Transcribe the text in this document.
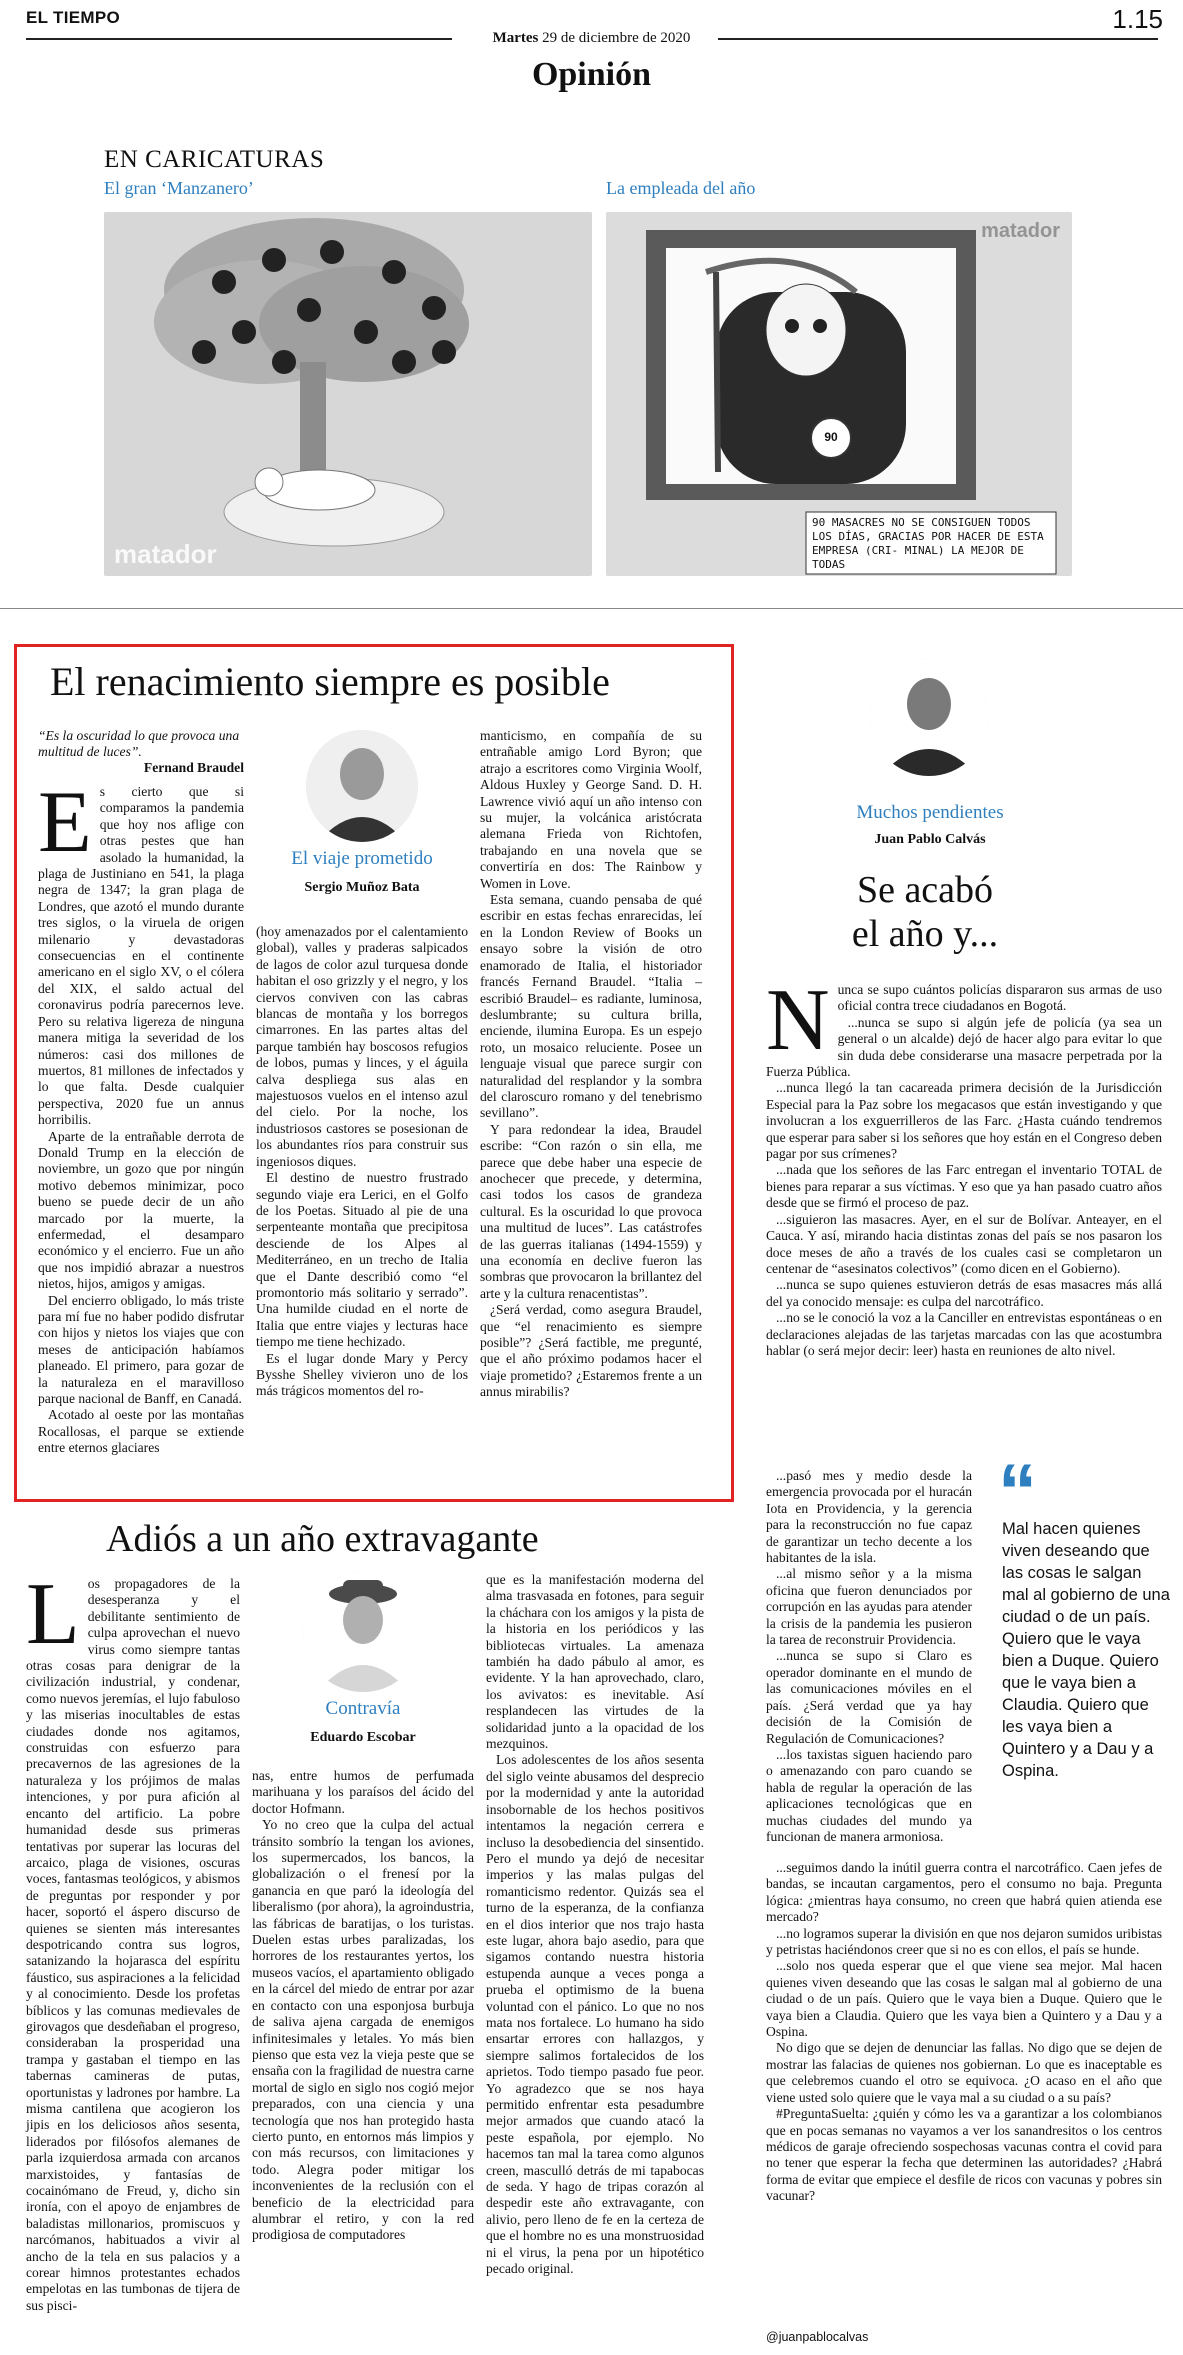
EL TIEMPO
Martes 29 de diciembre de 2020
Opinión
1.15
EN CARICATURAS
El gran ‘Manzanero’
matador
La empleada del año
90
90 MASACRES NO SE CONSIGUEN TODOS LOS DÍAS, GRACIAS POR HACER DE ESTA EMPRESA (CRI- MINAL) LA MEJOR DE TODAS
matador
El renacimiento siempre es posible
“Es la oscuridad lo que provoca una multitud de luces”.
Fernand Braudel
E s cierto que si comparamos la pandemia que hoy nos aflige con otras pestes que han asolado la humanidad, la plaga de Justiniano en 541, la plaga negra de 1347; la gran plaga de Londres, que azotó el mundo durante tres siglos, o la viruela de origen milenario y devastadoras consecuencias en el continente americano en el siglo XV, o el cólera del XIX, el saldo actual del coronavirus podría parecernos leve. Pero su relativa ligereza de ninguna manera mitiga la severidad de los números: casi dos millones de muertos, 81 millones de infectados y lo que falta. Desde cualquier perspectiva, 2020 fue un annus horribilis.

Aparte de la entrañable derrota de Donald Trump en la elección de noviembre, un gozo que por ningún motivo debemos minimizar, poco bueno se puede decir de un año marcado por la muerte, la enfermedad, el desamparo económico y el encierro. Fue un año que nos impidió abrazar a nuestros nietos, hijos, amigos y amigas.

Del encierro obligado, lo más triste para mí fue no haber podido disfrutar con hijos y nietos los viajes que con meses de anticipación habíamos planeado. El primero, para gozar de la naturaleza en el maravilloso parque nacional de Banff, en Canadá.

Acotado al oeste por las montañas Rocallosas, el parque se extiende entre eternos glaciares

El viaje prometido
Sergio Muñoz Bata

(hoy amenazados por el calentamiento global), valles y praderas salpicados de lagos de color azul turquesa donde habitan el oso grizzly y el negro, y los ciervos conviven con las cabras blancas de montaña y los borregos cimarrones. En las partes altas del parque también hay boscosos refugios de lobos, pumas y linces, y el águila calva despliega sus alas en majestuosos vuelos en el intenso azul del cielo. Por la noche, los industriosos castores se posesionan de los abundantes ríos para construir sus ingeniosos diques.

El destino de nuestro frustrado segundo viaje era Lerici, en el Golfo de los Poetas. Situado al pie de una serpenteante montaña que precipitosa desciende de los Alpes al Mediterráneo, en un trecho de Italia que el Dante describió como “el promontorio más solitario y serrado”. Una humilde ciudad en el norte de Italia que entre viajes y lecturas hace tiempo me tiene hechizado.

Es el lugar donde Mary y Percy Bysshe Shelley vivieron uno de los más trágicos momentos del ro-

manticismo, en compañía de su entrañable amigo Lord Byron; que atrajo a escritores como Virginia Woolf, Aldous Huxley y George Sand. D. H. Lawrence vivió aquí un año intenso con su mujer, la volcánica aristócrata alemana Frieda von Richtofen, trabajando en una novela que se convertiría en dos: The Rainbow y Women in Love.

Esta semana, cuando pensaba de qué escribir en estas fechas enrarecidas, leí en la London Review of Books un ensayo sobre la visión de otro enamorado de Italia, el historiador francés Fernand Braudel. “Italia –escribió Braudel– es radiante, luminosa, deslumbrante; su cultura brilla, enciende, ilumina Europa. Es un espejo roto, un mosaico reluciente. Posee un lenguaje visual que parece surgir con naturalidad del resplandor y la sombra del claroscuro romano y del tenebrismo sevillano”.

Y para redondear la idea, Braudel escribe: “Con razón o sin ella, me parece que debe haber una especie de anochecer que precede, y determina, casi todos los casos de grandeza cultural. Es la oscuridad lo que provoca una multitud de luces”. Las catástrofes de las guerras italianas (1494-1559) y una economía en declive fueron las sombras que provocaron la brillantez del arte y la cultura renacentistas”.

¿Será verdad, como asegura Braudel, que “el renacimiento es siempre posible”? ¿Será factible, me pregunté, que el año próximo podamos hacer el viaje prometido? ¿Estaremos frente a un annus mirabilis?

Muchos pendientes
Juan Pablo Calvás
Se acabó
el año y...
N unca se supo cuántos policías dispararon sus armas de uso oficial contra trece ciudadanos en Bogotá.

...nunca se supo si algún jefe de policía (ya sea un general o un alcalde) dejó de hacer algo para evitar lo que sin duda debe considerarse una masacre perpetrada por la Fuerza Pública.

...nunca llegó la tan cacareada primera decisión de la Jurisdicción Especial para la Paz sobre los megacasos que están investigando y que involucran a los exguerrilleros de las Farc. ¿Hasta cuándo tendremos que esperar para saber si los señores que hoy están en el Congreso deben pagar por sus crímenes?

...nada que los señores de las Farc entregan el inventario TOTAL de bienes para reparar a sus víctimas. Y eso que ya han pasado cuatro años desde que se firmó el proceso de paz.

...siguieron las masacres. Ayer, en el sur de Bolívar. Anteayer, en el Cauca. Y así, mirando hacia distintas zonas del país se nos pasaron los doce meses de año a través de los cuales casi se completaron un centenar de “asesinatos colectivos” (como dicen en el Gobierno).

...nunca se supo quienes estuvieron detrás de esas masacres más allá del ya conocido mensaje: es culpa del narcotráfico.

...no se le conoció la voz a la Canciller en entrevistas espontáneas o en declaraciones alejadas de las tarjetas marcadas con las que acostumbra hablar (o será mejor decir: leer) hasta en reuniones de alto nivel.

...pasó mes y medio desde la emergencia provocada por el huracán Iota en Providencia, y la gerencia para la reconstrucción no fue capaz de garantizar un techo decente a los habitantes de la isla.

...al mismo señor y a la misma oficina que fueron denunciados por corrupción en las ayudas para atender la crisis de la pandemia les pusieron la tarea de reconstruir Providencia.

...nunca se supo si Claro es operador dominante en el mundo de las comunicaciones móviles en el país. ¿Será verdad que ya hay decisión de la Comisión de Regulación de Comunicaciones?

...los taxistas siguen haciendo paro o amenazando con paro cuando se habla de regular la operación de las aplicaciones tecnológicas que en muchas ciudades del mundo ya funcionan de manera armoniosa.

“
Mal hacen quienes viven deseando que las cosas le salgan mal al gobierno de una ciudad o de un país. Quiero que le vaya bien a Duque. Quiero que le vaya bien a Claudia. Quiero que les vaya bien a Quintero y a Dau y a Ospina.

...seguimos dando la inútil guerra contra el narcotráfico. Caen jefes de bandas, se incautan cargamentos, pero el consumo no baja. Pregunta lógica: ¿mientras haya consumo, no creen que habrá quien atienda ese mercado?

...no logramos superar la división en que nos dejaron sumidos uribistas y petristas haciéndonos creer que si no es con ellos, el país se hunde.

...solo nos queda esperar que el que viene sea mejor. Mal hacen quienes viven deseando que las cosas le salgan mal al gobierno de una ciudad o de un país. Quiero que le vaya bien a Duque. Quiero que le vaya bien a Claudia. Quiero que les vaya bien a Quintero y a Dau y a Ospina.

No digo que se dejen de denunciar las fallas. No digo que se dejen de mostrar las falacias de quienes nos gobiernan. Lo que es inaceptable es que celebremos cuando el otro se equivoca. ¿O acaso en el año que viene usted solo quiere que le vaya mal a su ciudad o a su país?

#PreguntaSuelta: ¿quién y cómo les va a garantizar a los colombianos que en pocas semanas no vayamos a ver los sanandresitos o los centros médicos de garaje ofreciendo sospechosas vacunas contra el covid para no tener que esperar la fecha que determinen las autoridades? ¿Habrá forma de evitar que empiece el desfile de ricos con vacunas y pobres sin vacunar?

@juanpablocalvas
Adiós a un año extravagante
L os propagadores de la desesperanza y el debilitante sentimiento de culpa aprovechan el nuevo virus como siempre tantas otras cosas para denigrar de la civilización industrial, y condenar, como nuevos jeremías, el lujo fabuloso y las miserias inocultables de estas ciudades donde nos agitamos, construidas con esfuerzo para precavernos de las agresiones de la naturaleza y los prójimos de malas intenciones, y por pura afición al encanto del artificio. La pobre humanidad desde sus primeras tentativas por superar las locuras del arcaico, plaga de visiones, oscuras voces, fantasmas teológicos, y abismos de preguntas por responder y por hacer, soportó el áspero discurso de quienes se sienten más interesantes despotricando contra sus logros, satanizando la hojarasca del espíritu fáustico, sus aspiraciones a la felicidad y al conocimiento. Desde los profetas bíblicos y las comunas medievales de girovagos que desdeñaban el progreso, consideraban la prosperidad una trampa y gastaban el tiempo en las tabernas camineras de putas, oportunistas y ladrones por hambre. La misma cantilena que acogieron los jipis en los deliciosos años sesenta, liderados por filósofos alemanes de parla izquierdosa armada con arcanos marxistoides, y fantasías de cocainómano de Freud, y, dicho sin ironía, con el apoyo de enjambres de baladistas millonarios, promiscuos y narcómanos, habituados a vivir al ancho de la tela en sus palacios y a corear himnos protestantes echados empelotas en las tumbonas de tijera de sus pisci-

Contravía
Eduardo Escobar

nas, entre humos de perfumada marihuana y los paraísos del ácido del doctor Hofmann.

Yo no creo que la culpa del actual tránsito sombrío la tengan los aviones, los supermercados, los bancos, la globalización o el frenesí por la ganancia en que paró la ideología del liberalismo (por ahora), la agroindustria, las fábricas de baratijas, o los turistas. Duelen estas urbes paralizadas, los horrores de los restaurantes yertos, los museos vacíos, el apartamiento obligado en la cárcel del miedo de entrar por azar en contacto con una esponjosa burbuja de saliva ajena cargada de enemigos infinitesimales y letales. Yo más bien pienso que esta vez la vieja peste que se ensaña con la fragilidad de nuestra carne mortal de siglo en siglo nos cogió mejor preparados, con una ciencia y una tecnología que nos han protegido hasta cierto punto, en entornos más limpios y con más recursos, con limitaciones y todo. Alegra poder mitigar los inconvenientes de la reclusión con el beneficio de la electricidad para alumbrar el retiro, y con la red prodigiosa de computadores

que es la manifestación moderna del alma trasvasada en fotones, para seguir la cháchara con los amigos y la pista de la historia en los periódicos y las bibliotecas virtuales. La amenaza también ha dado pábulo al amor, es evidente. Y la han aprovechado, claro, los avivatos: es inevitable. Así resplandecen las virtudes de la solidaridad junto a la opacidad de los mezquinos.

Los adolescentes de los años sesenta del siglo veinte abusamos del desprecio por la modernidad y ante la autoridad insobornable de los hechos positivos intentamos la negación cerrera e incluso la desobediencia del sinsentido. Pero el mundo ya dejó de necesitar imperios y las malas pulgas del romanticismo redentor. Quizás sea el turno de la esperanza, de la confianza en el dios interior que nos trajo hasta este lugar, ahora bajo asedio, para que sigamos contando nuestra historia estupenda aunque a veces ponga a prueba el optimismo de la buena voluntad con el pánico. Lo que no nos mata nos fortalece. Lo humano ha sido ensartar errores con hallazgos, y siempre salimos fortalecidos de los aprietos. Todo tiempo pasado fue peor. Yo agradezco que se nos haya permitido enfrentar esta pesadumbre mejor armados que cuando atacó la peste española, por ejemplo. No hacemos tan mal la tarea como algunos creen, masculló detrás de mi tapabocas de seda. Y hago de tripas corazón al despedir este año extravagante, con alivio, pero lleno de fe en la certeza de que el hombre no es una monstruosidad ni el virus, la pena por un hipotético pecado original.
